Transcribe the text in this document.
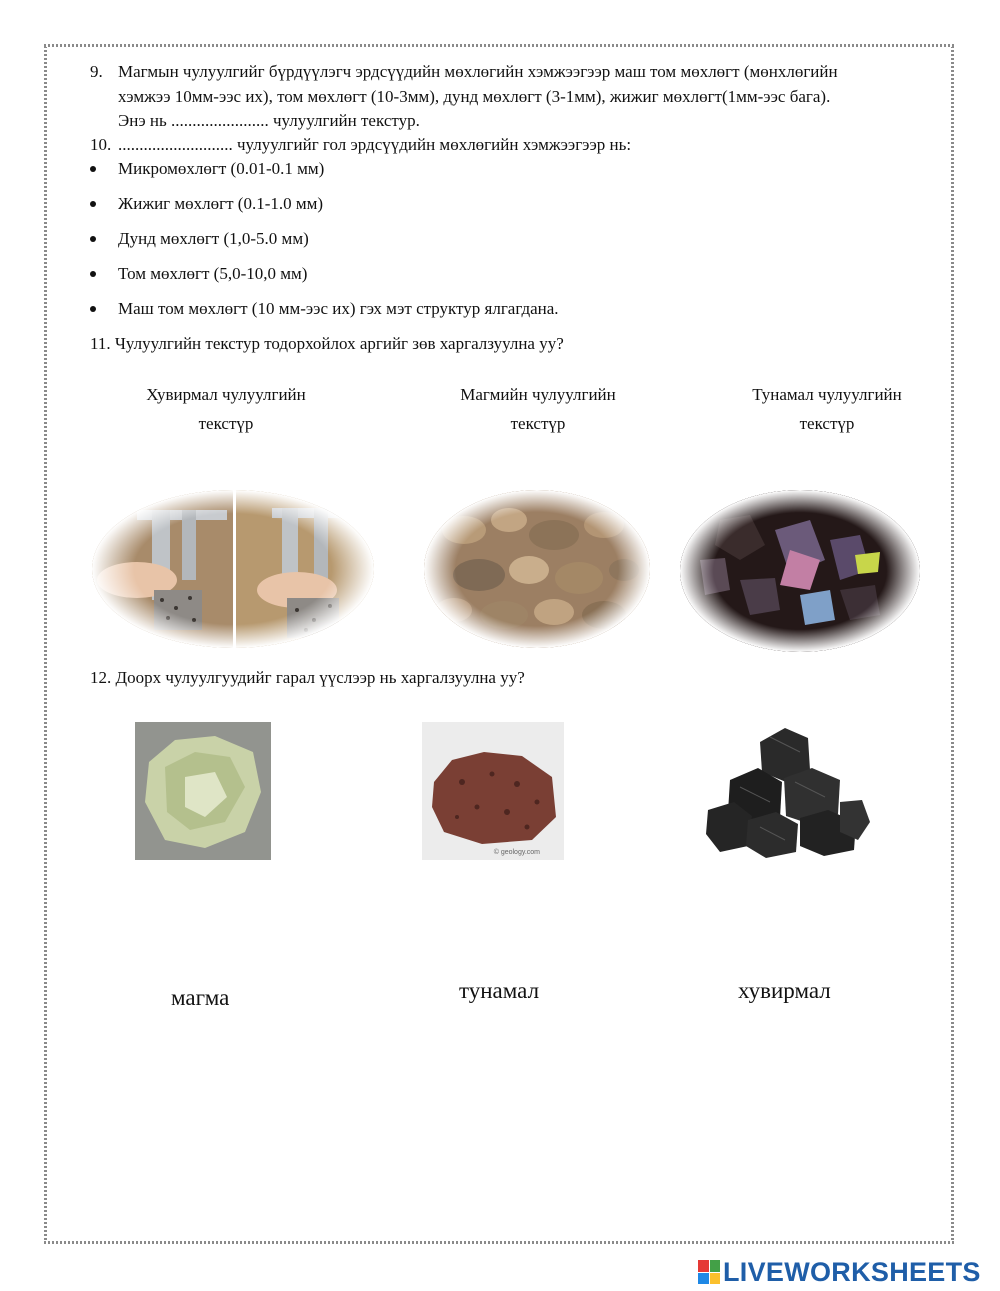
9. Магмын чулуулгийг бүрдүүлэгч эрдсүүдийн мөхлөгийн хэмжээгээр маш том мөхлөгт (мөнхлөгийн
хэмжээ 10мм-ээс их), том мөхлөгт (10-3мм), дунд мөхлөгт (3-1мм), жижиг мөхлөгт(1мм-ээс бага).
Энэ нь ....................... чулуулгийн текстур.
10. ........................... чулуулгийг гол эрдсүүдийн мөхлөгийн хэмжээгээр нь:
Микромөхлөгт (0.01-0.1 мм)
Жижиг мөхлөгт (0.1-1.0 мм)
Дунд мөхлөгт (1,0-5.0 мм)
Том мөхлөгт (5,0-10,0 мм)
Маш том мөхлөгт (10 мм-ээс их) гэх мэт структур ялгагдана.
11. Чулуулгийн текстур тодорхойлох аргийг зөв харгалзуулна уу?
Хувирмал чулуулгийн
текстүр
Магмийн чулуулгийн
текстүр
Тунамал чулуулгийн
текстүр
12. Доорх чулуулгуудийг гарал үүслээр нь харгалзуулна уу?
© geology.com
магма	тунамал	хувирмал
LIVEWORKSHEETS
